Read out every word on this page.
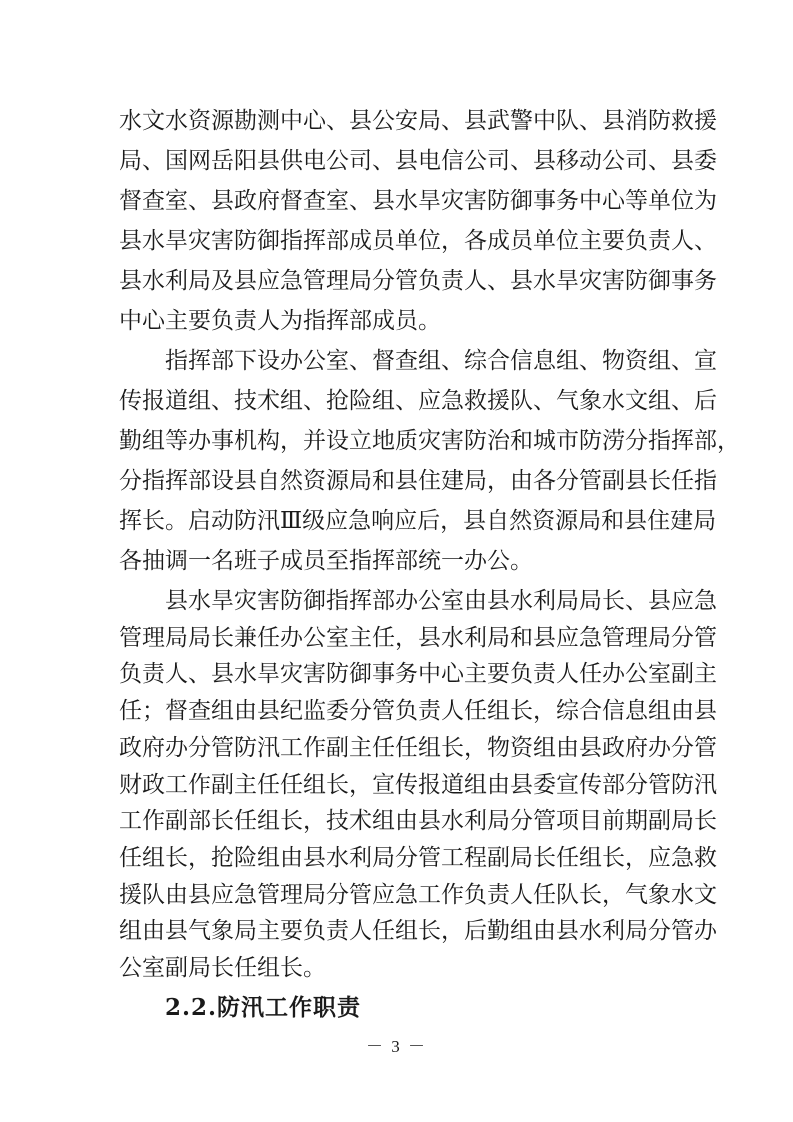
水文水资源勘测中心、县公安局、县武警中队、县消防救援
局、国网岳阳县供电公司、县电信公司、县移动公司、县委
督查室、县政府督查室、县水旱灾害防御事务中心等单位为
县水旱灾害防御指挥部成员单位，各成员单位主要负责人、
县水利局及县应急管理局分管负责人、县水旱灾害防御事务
中心主要负责人为指挥部成员。
指挥部下设办公室、督查组、综合信息组、物资组、宣
传报道组、技术组、抢险组、应急救援队、气象水文组、后
勤组等办事机构，并设立地质灾害防治和城市防涝分指挥部，
分指挥部设县自然资源局和县住建局，由各分管副县长任指
挥长。启动防汛Ⅲ级应急响应后，县自然资源局和县住建局
各抽调一名班子成员至指挥部统一办公。
县水旱灾害防御指挥部办公室由县水利局局长、县应急
管理局局长兼任办公室主任，县水利局和县应急管理局分管
负责人、县水旱灾害防御事务中心主要负责人任办公室副主
任；督查组由县纪监委分管负责人任组长，综合信息组由县
政府办分管防汛工作副主任任组长，物资组由县政府办分管
财政工作副主任任组长，宣传报道组由县委宣传部分管防汛
工作副部长任组长，技术组由县水利局分管项目前期副局长
任组长，抢险组由县水利局分管工程副局长任组长，应急救
援队由县应急管理局分管应急工作负责人任队长，气象水文
组由县气象局主要负责人任组长，后勤组由县水利局分管办
公室副局长任组长。
2.2.防汛工作职责
－ 3 －
